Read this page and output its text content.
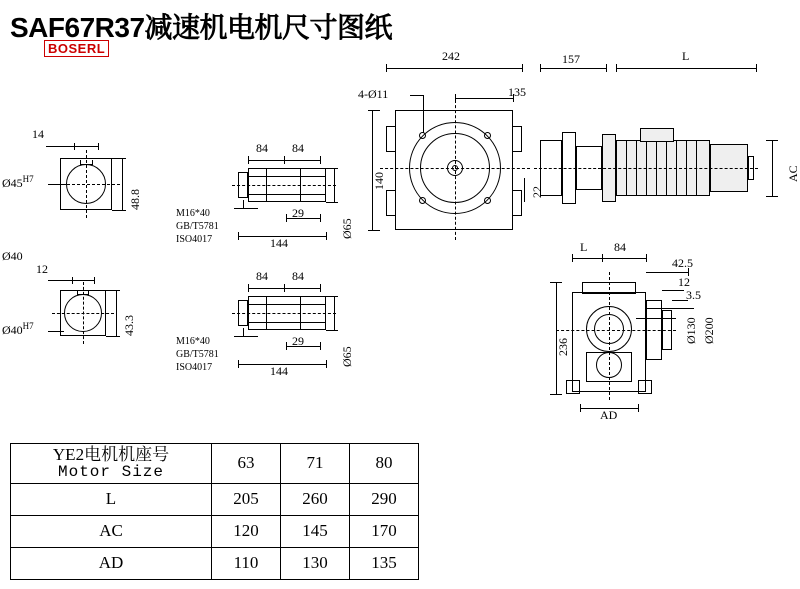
SAF67R37减速机电机尺寸图纸
BOSERL
14
$Ø45^{H7}$
48.8
Ø40
12
$Ø40^{H7}$	43.3
84 84
29
144
Ø65
M16*40
GB/T5781
ISO4017
84 84
29
144
Ø65
M16*40
GB/T5781
ISO4017
242
135
4-Ø11
140
22
157	L
AC
L 84
42.5
12
3.5
236
Ø130 Ø200
AD
YE2电机机座号
Motor Size	63	71	80
L	205	260	290
AC	120	145	170
AD	110	130	135
